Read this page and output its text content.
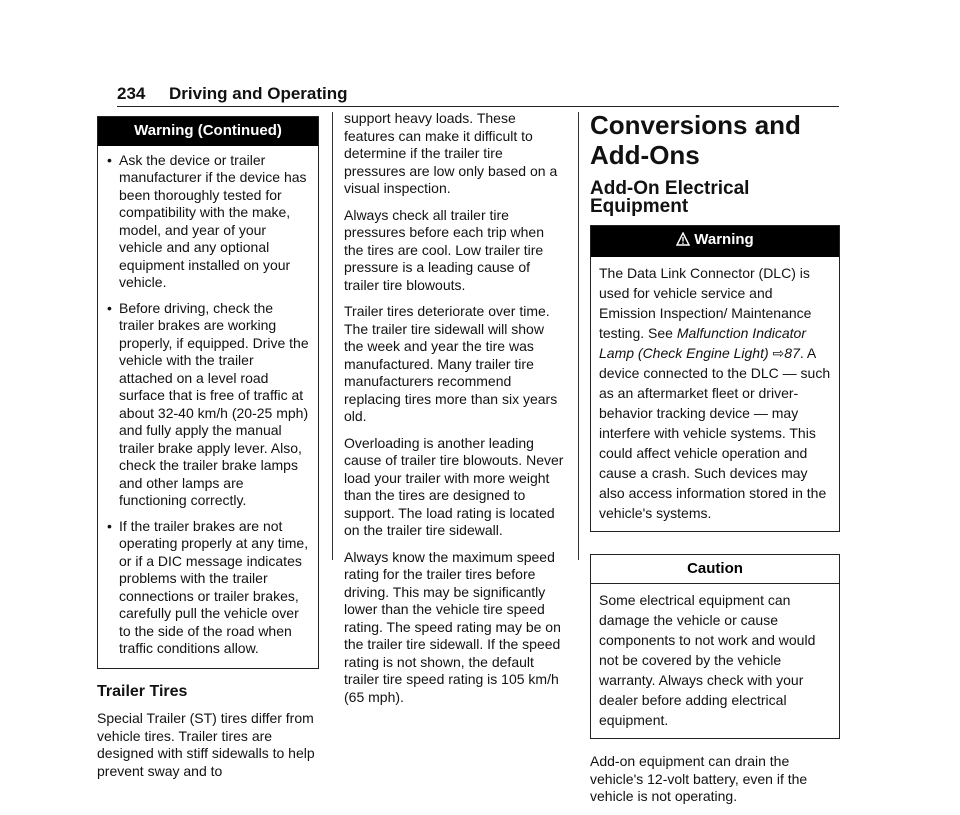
234 Driving and Operating
Warning (Continued)
• Ask the device or trailer manufacturer if the device has been thoroughly tested for compatibility with the make, model, and year of your vehicle and any optional equipment installed on your vehicle.
• Before driving, check the trailer brakes are working properly, if equipped. Drive the vehicle with the trailer attached on a level road surface that is free of traffic at about 32-40 km/h (20-25 mph) and fully apply the manual trailer brake apply lever. Also, check the trailer brake lamps and other lamps are functioning correctly.
• If the trailer brakes are not operating properly at any time, or if a DIC message indicates problems with the trailer connections or trailer brakes, carefully pull the vehicle over to the side of the road when traffic conditions allow.
Trailer Tires

Special Trailer (ST) tires differ from vehicle tires. Trailer tires are designed with stiff sidewalls to help prevent sway and to

support heavy loads. These features can make it difficult to determine if the trailer tire pressures are low only based on a visual inspection.

Always check all trailer tire pressures before each trip when the tires are cool. Low trailer tire pressure is a leading cause of trailer tire blowouts.

Trailer tires deteriorate over time. The trailer tire sidewall will show the week and year the tire was manufactured. Many trailer tire manufacturers recommend replacing tires more than six years old.

Overloading is another leading cause of trailer tire blowouts. Never load your trailer with more weight than the tires are designed to support. The load rating is located on the trailer tire sidewall.

Always know the maximum speed rating for the trailer tires before driving. This may be significantly lower than the vehicle tire speed rating. The speed rating may be on the trailer tire sidewall. If the speed rating is not shown, the default trailer tire speed rating is 105 km/h (65 mph).

Conversions and Add-Ons
Add-On Electrical Equipment
Warning

The Data Link Connector (DLC) is used for vehicle service and Emission Inspection/ Maintenance testing. See Malfunction Indicator Lamp (Check Engine Light) ⇨87. A device connected to the DLC — such as an aftermarket fleet or driver-behavior tracking device — may interfere with vehicle systems. This could affect vehicle operation and cause a crash. Such devices may also access information stored in the vehicle's systems.

Caution

Some electrical equipment can damage the vehicle or cause components to not work and would not be covered by the vehicle warranty. Always check with your dealer before adding electrical equipment.

Add-on equipment can drain the vehicle's 12-volt battery, even if the vehicle is not operating.
